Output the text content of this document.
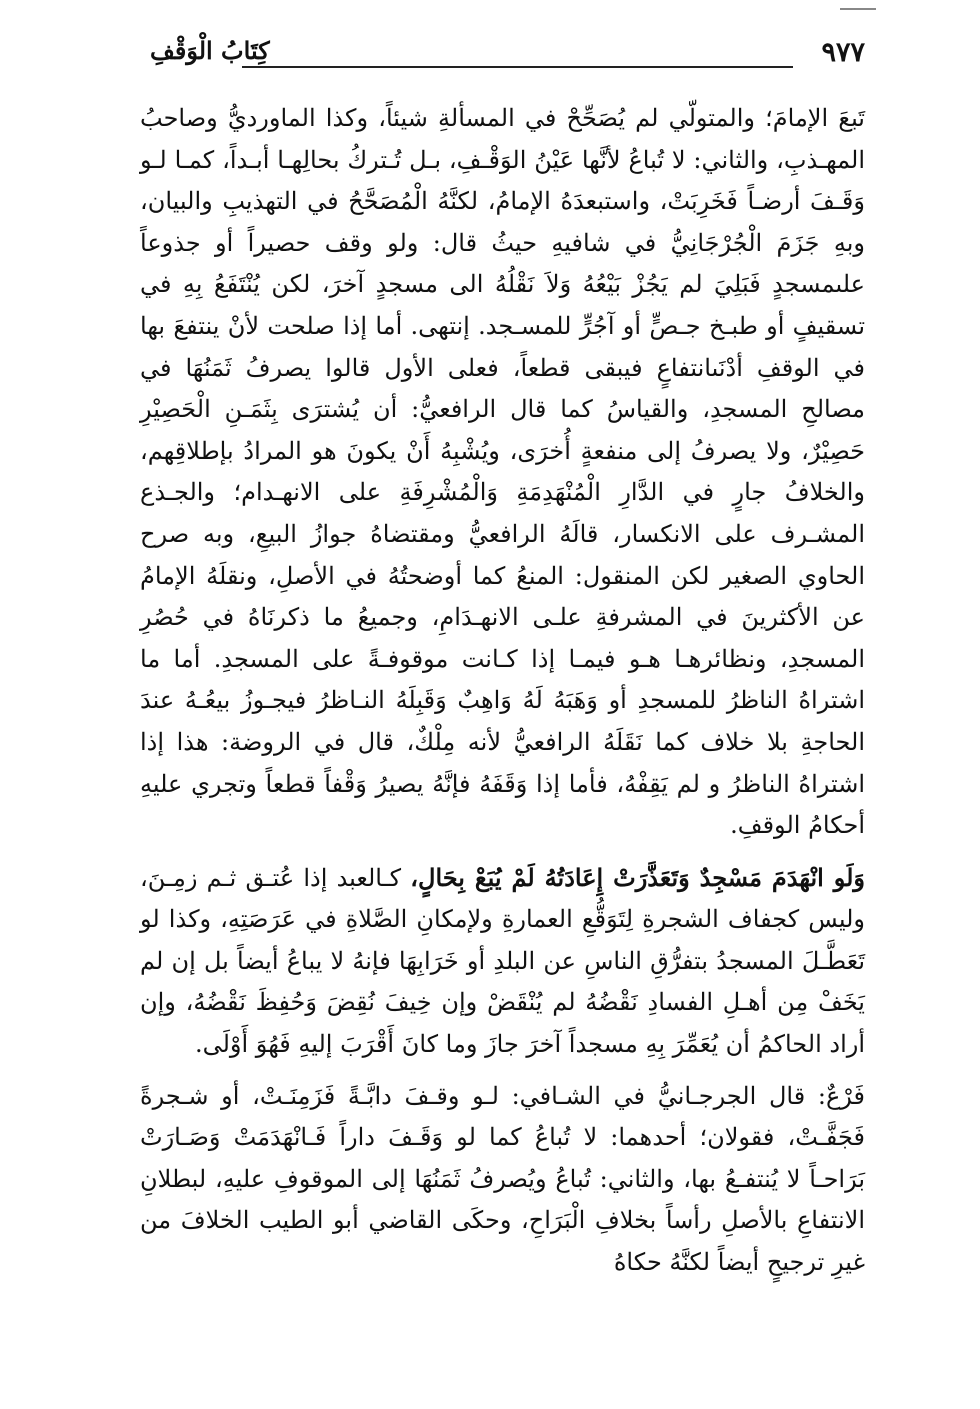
٩٧٧
كِتَابُ الْوَقْفِ

تَبعَ الإمامَ؛ والمتولّي لم يُصَحِّحْ في المسألةِ شيئاً، وكذا الماورديُّ وصاحبُ المهـذبِ، والثاني: لا تُباعُ لأنَّها عَيْنُ الوَقْـفِ، بـل تُـتركُ بحالِهـا أبـداً، كمـا لـو وَقَـفَ أرضـاً فَخَرِبَتْ، واستبعدَهُ الإمامُ، لكنَّهُ الْمُصَحَّحُ في التهذيبِ والبيان، وبهِ جَزَمَ الْجُرْجَانِيُّ في شافيهِ حيثُ قال: ولو وقف حصيراً أو جذوعاً علىمسجدٍ فَبَلِيَ لم يَجُزْ بَيْعُهُ وَلاَ نَقْلُهُ الى مسجدٍ آخرَ، لكن يُنْتَفَعُ بِهِ في تسقيفٍ أو طبـخ جـصٍّ أو آجُرٍّ للمسـجد. إنتهى. أما إذا صلحت لأنْ ينتفعَ بها في الوقفِ أدْنَىانتفاعٍ فيبقى قطعاً، فعلى الأول قالوا يصرفُ ثَمَنُهَا في مصالحِ المسجدِ، والقياسُ كما قال الرافعيُّ: أن يُشترَى بِثَمَـنِ الْحَصِيْرِ حَصِيْرٌ، ولا يصرفُ إلى منفعةٍ أُخرَى، ويُشْبِهُ أَنْ يكونَ هو المرادُ بإطلاقِهم، والخلافُ جارٍ في الدَّارِ الْمُنْهَدِمَةِ وَالْمُشْرِفَةِ على الانهـدام؛ والجـذع المشـرف على الانكسار، قالَهُ الرافعيُّ ومقتضاهُ جوازُ البيعِ، وبه صرح الحاوي الصغير لكن المنقول: المنعُ كما أوضحتُهُ في الأصلِ، ونقلَهُ الإمامُ عن الأكثرينَ في المشرفةِ علـى الانهـدَامِ، وجميعُ ما ذكرنَاهُ في حُصُرِ المسجدِ، ونظائرهـا هـو فيمـا إذا كـانت موقوفـةً على المسجدِ. أما ما اشتراهُ الناظرُ للمسجدِ أو وَهَبَهُ لَهُ وَاهِبٌ وَقَبِلَهُ النـاظرُ فيجـوزُ بيعُـهُ عندَ الحاجةِ بلا خلاف كما نَقَلَهُ الرافعيُّ لأنه مِلْكٌ، قال في الروضة: هذا إذا اشتراهُ الناظرُ و لم يَقِفْهُ، فأما إذا وَقَفَهُ فإنَّهُ يصيرُ وَقْفاً قطعاً وتجري عليهِ أحكامُ الوقفِ.

وَلَو انْهَدَمَ مَسْجِدٌ وَتَعَذَّرَتْ إِعَادَتُهُ لَمْ يُبَعْ بِحَالٍ، كـالعبد إذا عُتـق ثـم زمِـنَ، وليس كجفاف الشجرةِ لِتَوَقُّعِ العمارةِ ولإمكانِ الصَّلاةِ في عَرَصَتِهِ، وكذا لو تَعَطَّـلَ المسجدُ بتفرُّقِ الناسِ عن البلدِ أو خَرَابِهَا فإنهُ لا يباعُ أيضاً بل إن لم يَخَفْ مِن أهـلِ الفسادِ نَقْضُهُ لم يُنْقَضْ وإن خِيفَ نُقِضَ وَحُفِظَ نَقْضُهُ، وإن أراد الحاكمُ أن يُعَمِّرَ بِهِ مسجداً آخرَ جازَ وما كانَ أَقْرَبَ إليهِ فَهُوَ أَوْلَى.

فَرْعٌ: قال الجرجـانيُّ في الشـافي: لـو وقـفَ دابَّـةً فَزَمِنَـتْ، أو شـجرةً فَجَفَّـتْ، فقولان؛ أحدهما: لا تُباعُ كما لو وَقَـفَ داراً فَـانْهَدَمَتْ وَصَـارَتْ بَرَاحـاً لا يُنتفـعُ بها، والثاني: تُباعُ ويُصرفُ ثَمَنُهَا إلى الموقوفِ عليهِ، لبطلانِ الانتفاعِ بالأصلِ رأساً بخلافِ الْبَرَاحِ، وحكَى القاضي أبو الطيب الخلافَ من غيرِ ترجيحٍ أيضاً لكنَّهُ حكاهُ
